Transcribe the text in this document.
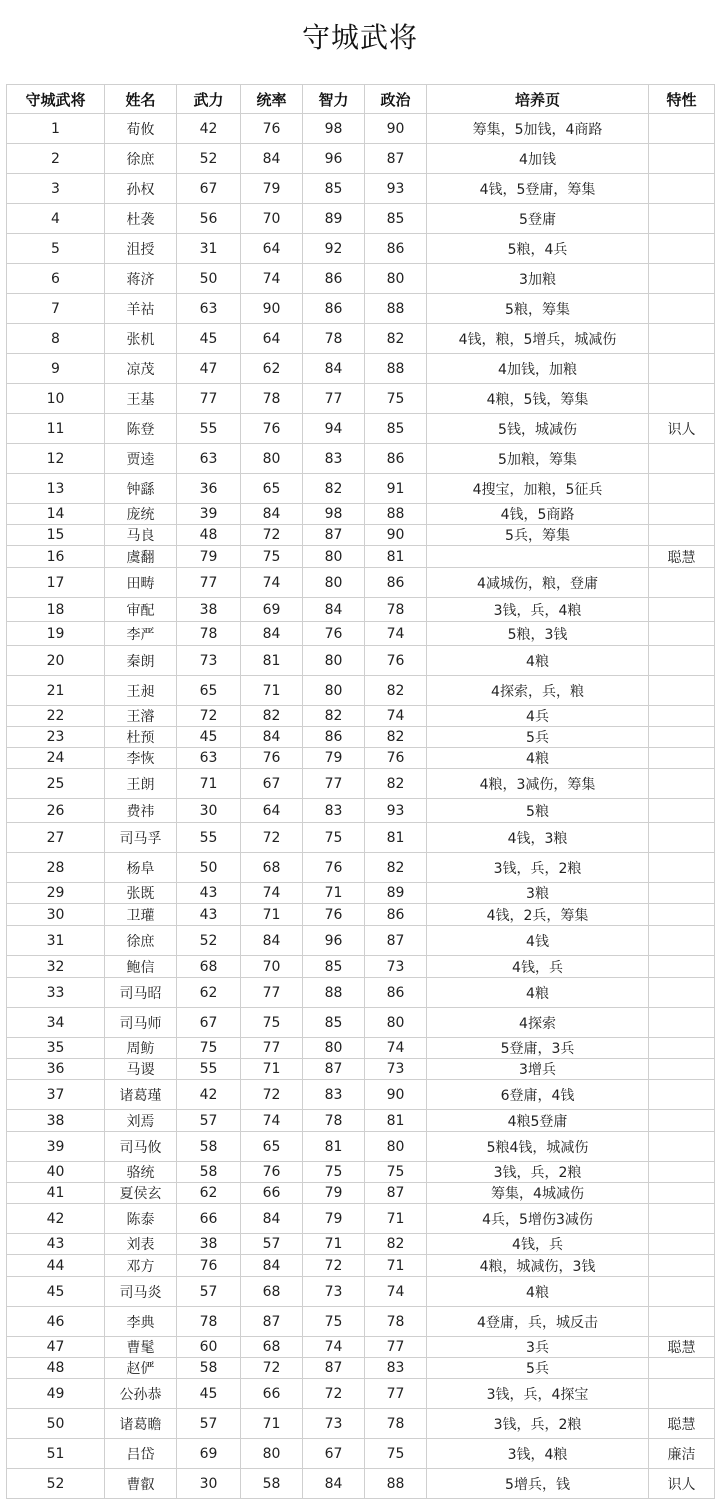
守城武将
守城武将	姓名	武力	统率	智力	政治	培养页	特性
1	荀攸	42	76	98	90	筹集，5加钱，4商路	
2	徐庶	52	84	96	87	4加钱	
3	孙权	67	79	85	93	4钱，5登庸，筹集	
4	杜袭	56	70	89	85	5登庸	
5	沮授	31	64	92	86	5粮，4兵	
6	蒋济	50	74	86	80	3加粮	
7	羊祜	63	90	86	88	5粮，筹集	
8	张机	45	64	78	82	4钱，粮，5增兵，城减伤	
9	凉茂	47	62	84	88	4加钱，加粮	
10	王基	77	78	77	75	4粮，5钱，筹集	
11	陈登	55	76	94	85	5钱，城减伤	识人
12	贾逵	63	80	83	86	5加粮，筹集	
13	钟繇	36	65	82	91	4搜宝，加粮，5征兵	
14	庞统	39	84	98	88	4钱，5商路	
15	马良	48	72	87	90	5兵，筹集	
16	虞翻	79	75	80	81		聪慧
17	田畴	77	74	80	86	4减城伤，粮，登庸	
18	审配	38	69	84	78	3钱，兵，4粮	
19	李严	78	84	76	74	5粮，3钱	
20	秦朗	73	81	80	76	4粮	
21	王昶	65	71	80	82	4探索，兵，粮	
22	王濬	72	82	82	74	4兵	
23	杜预	45	84	86	82	5兵	
24	李恢	63	76	79	76	4粮	
25	王朗	71	67	77	82	4粮，3减伤，筹集	
26	费祎	30	64	83	93	5粮	
27	司马孚	55	72	75	81	4钱，3粮	
28	杨阜	50	68	76	82	3钱，兵，2粮	
29	张既	43	74	71	89	3粮	
30	卫瓘	43	71	76	86	4钱，2兵，筹集	
31	徐庶	52	84	96	87	4钱	
32	鲍信	68	70	85	73	4钱，兵	
33	司马昭	62	77	88	86	4粮	
34	司马师	67	75	85	80	4探索	
35	周鲂	75	77	80	74	5登庸，3兵	
36	马谡	55	71	87	73	3增兵	
37	诸葛瑾	42	72	83	90	6登庸，4钱	
38	刘焉	57	74	78	81	4粮5登庸	
39	司马攸	58	65	81	80	5粮4钱，城减伤	
40	骆统	58	76	75	75	3钱，兵，2粮	
41	夏侯玄	62	66	79	87	筹集，4城减伤	
42	陈泰	66	84	79	71	4兵，5增伤3减伤	
43	刘表	38	57	71	82	4钱，兵	
44	邓方	76	84	72	71	4粮，城减伤，3钱	
45	司马炎	57	68	73	74	4粮	
46	李典	78	87	75	78	4登庸，兵，城反击	
47	曹髦	60	68	74	77	3兵	聪慧
48	赵俨	58	72	87	83	5兵	
49	公孙恭	45	66	72	77	3钱，兵，4探宝	
50	诸葛瞻	57	71	73	78	3钱，兵，2粮	聪慧
51	吕岱	69	80	67	75	3钱，4粮	廉洁
52	曹叡	30	58	84	88	5增兵，钱	识人
